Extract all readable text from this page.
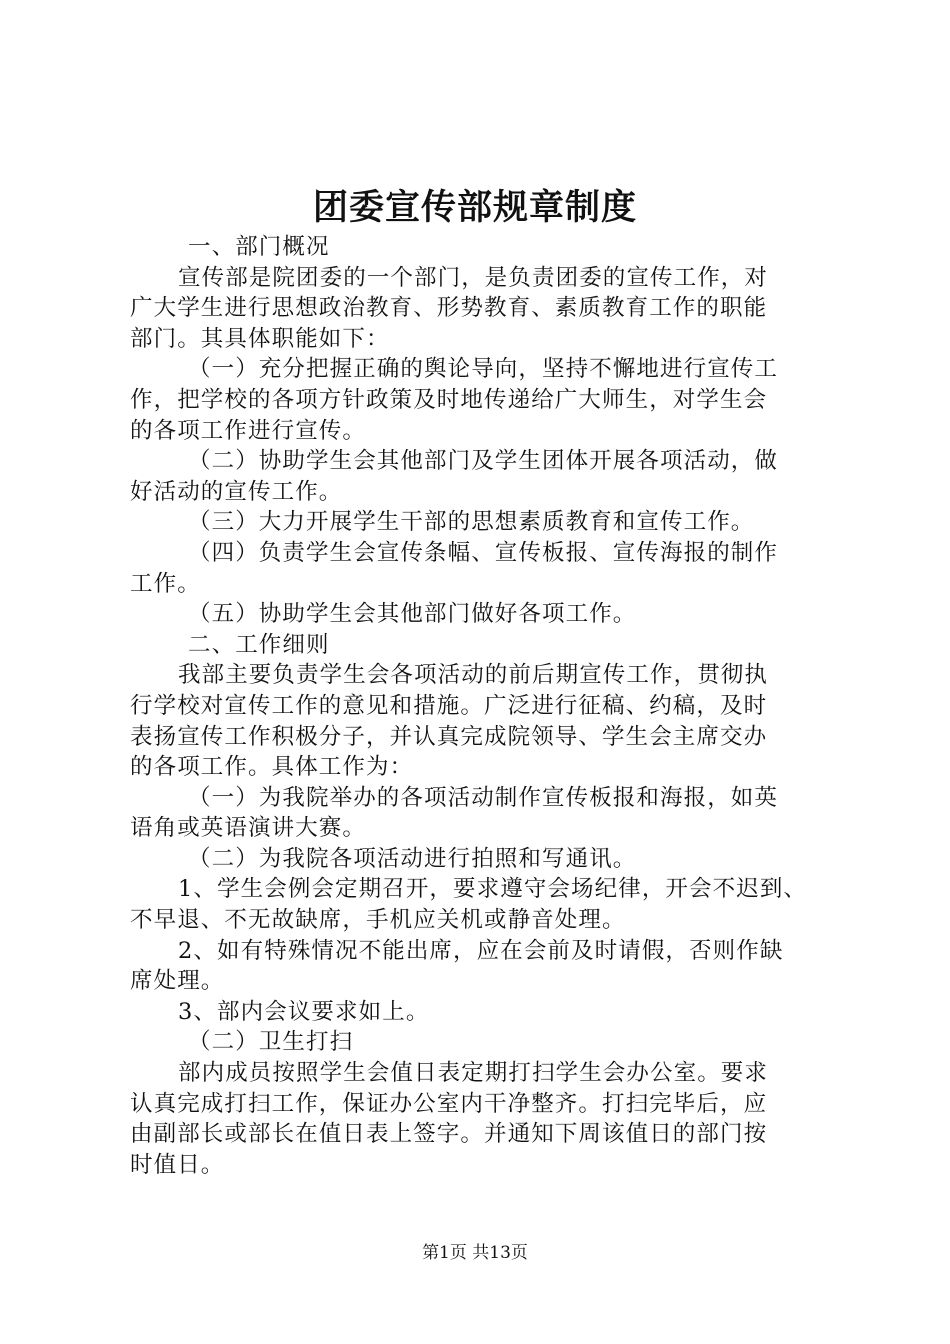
团委宣传部规章制度
一、部门概况
宣传部是院团委的一个部门，是负责团委的宣传工作，对
广大学生进行思想政治教育、形势教育、素质教育工作的职能
部门。其具体职能如下：
（一）充分把握正确的舆论导向，坚持不懈地进行宣传工
作，把学校的各项方针政策及时地传递给广大师生，对学生会
的各项工作进行宣传。
（二）协助学生会其他部门及学生团体开展各项活动，做
好活动的宣传工作。
（三）大力开展学生干部的思想素质教育和宣传工作。
（四）负责学生会宣传条幅、宣传板报、宣传海报的制作
工作。
（五）协助学生会其他部门做好各项工作。
二、工作细则
我部主要负责学生会各项活动的前后期宣传工作，贯彻执
行学校对宣传工作的意见和措施。广泛进行征稿、约稿，及时
表扬宣传工作积极分子，并认真完成院领导、学生会主席交办
的各项工作。具体工作为：
（一）为我院举办的各项活动制作宣传板报和海报，如英
语角或英语演讲大赛。
（二）为我院各项活动进行拍照和写通讯。
1、学生会例会定期召开，要求遵守会场纪律，开会不迟到、
不早退、不无故缺席，手机应关机或静音处理。
2、如有特殊情况不能出席，应在会前及时请假，否则作缺
席处理。
3、部内会议要求如上。
（二）卫生打扫
部内成员按照学生会值日表定期打扫学生会办公室。要求
认真完成打扫工作，保证办公室内干净整齐。打扫完毕后，应
由副部长或部长在值日表上签字。并通知下周该值日的部门按
时值日。
第1页 共13页
